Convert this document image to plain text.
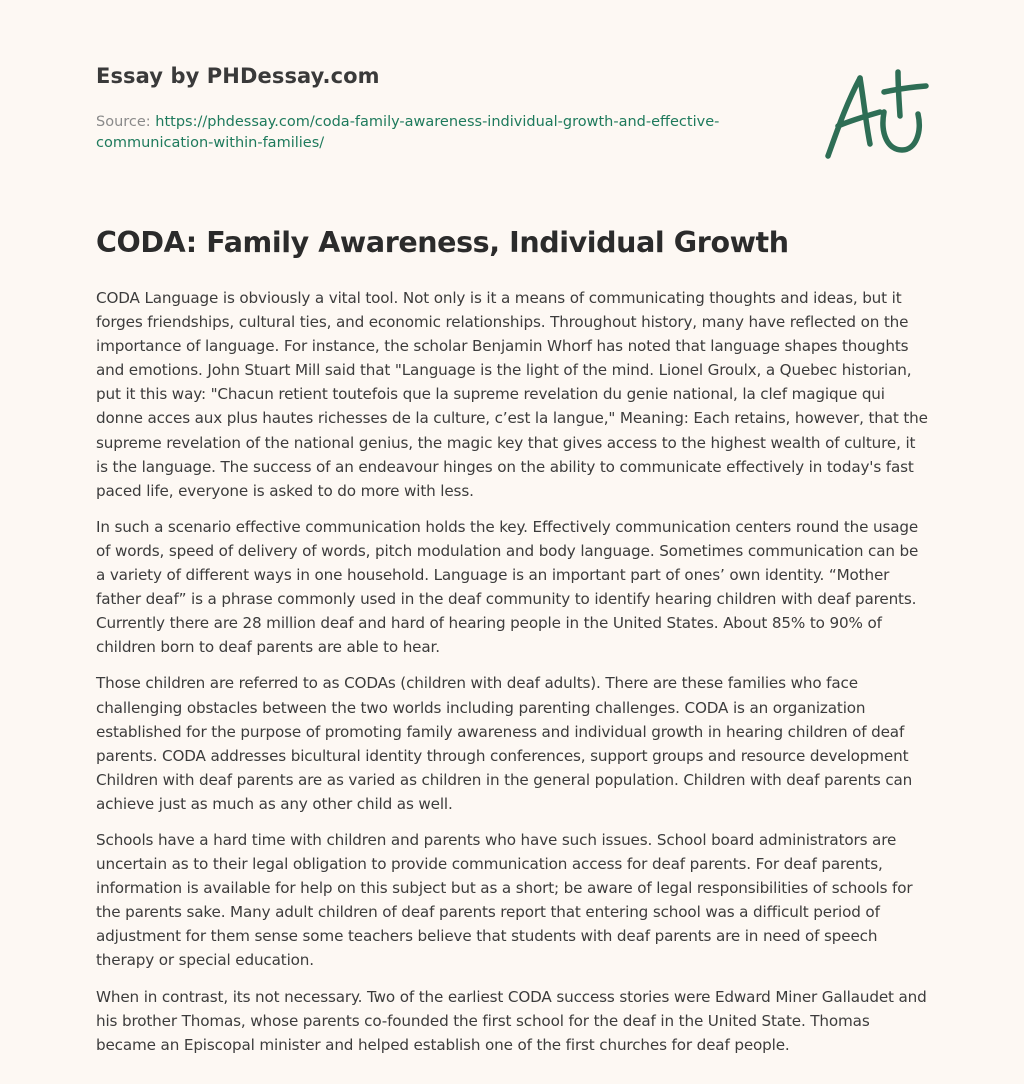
Essay by PHDessay.com
Source: https://phdessay.com/coda-family-awareness-individual-growth-and-effective-communication-within-families/
CODA: Family Awareness, Individual Growth

CODA Language is obviously a vital tool. Not only is it a means of communicating thoughts and ideas, but it forges friendships, cultural ties, and economic relationships. Throughout history, many have reflected on the importance of language. For instance, the scholar Benjamin Whorf has noted that language shapes thoughts and emotions. John Stuart Mill said that "Language is the light of the mind. Lionel Groulx, a Quebec historian, put it this way: "Chacun retient toutefois que la supreme revelation du genie national, la clef magique qui donne acces aux plus hautes richesses de la culture, c’est la langue," Meaning: Each retains, however, that the supreme revelation of the national genius, the magic key that gives access to the highest wealth of culture, it is the language. The success of an endeavour hinges on the ability to communicate effectively in today's fast paced life, everyone is asked to do more with less.

In such a scenario effective communication holds the key. Effectively communication centers round the usage of words, speed of delivery of words, pitch modulation and body language. Sometimes communication can be a variety of different ways in one household. Language is an important part of ones’ own identity. “Mother father deaf” is a phrase commonly used in the deaf community to identify hearing children with deaf parents. Currently there are 28 million deaf and hard of hearing people in the United States. About 85% to 90% of children born to deaf parents are able to hear.

Those children are referred to as CODAs (children with deaf adults). There are these families who face challenging obstacles between the two worlds including parenting challenges. CODA is an organization established for the purpose of promoting family awareness and individual growth in hearing children of deaf parents. CODA addresses bicultural identity through conferences, support groups and resource development Children with deaf parents are as varied as children in the general population. Children with deaf parents can achieve just as much as any other child as well.

Schools have a hard time with children and parents who have such issues. School board administrators are uncertain as to their legal obligation to provide communication access for deaf parents. For deaf parents, information is available for help on this subject but as a short; be aware of legal responsibilities of schools for the parents sake. Many adult children of deaf parents report that entering school was a difficult period of adjustment for them sense some teachers believe that students with deaf parents are in need of speech therapy or special education.

When in contrast, its not necessary. Two of the earliest CODA success stories were Edward Miner Gallaudet and his brother Thomas, whose parents co-founded the first school for the deaf in the United State. Thomas became an Episcopal minister and helped establish one of the first churches for deaf people.
